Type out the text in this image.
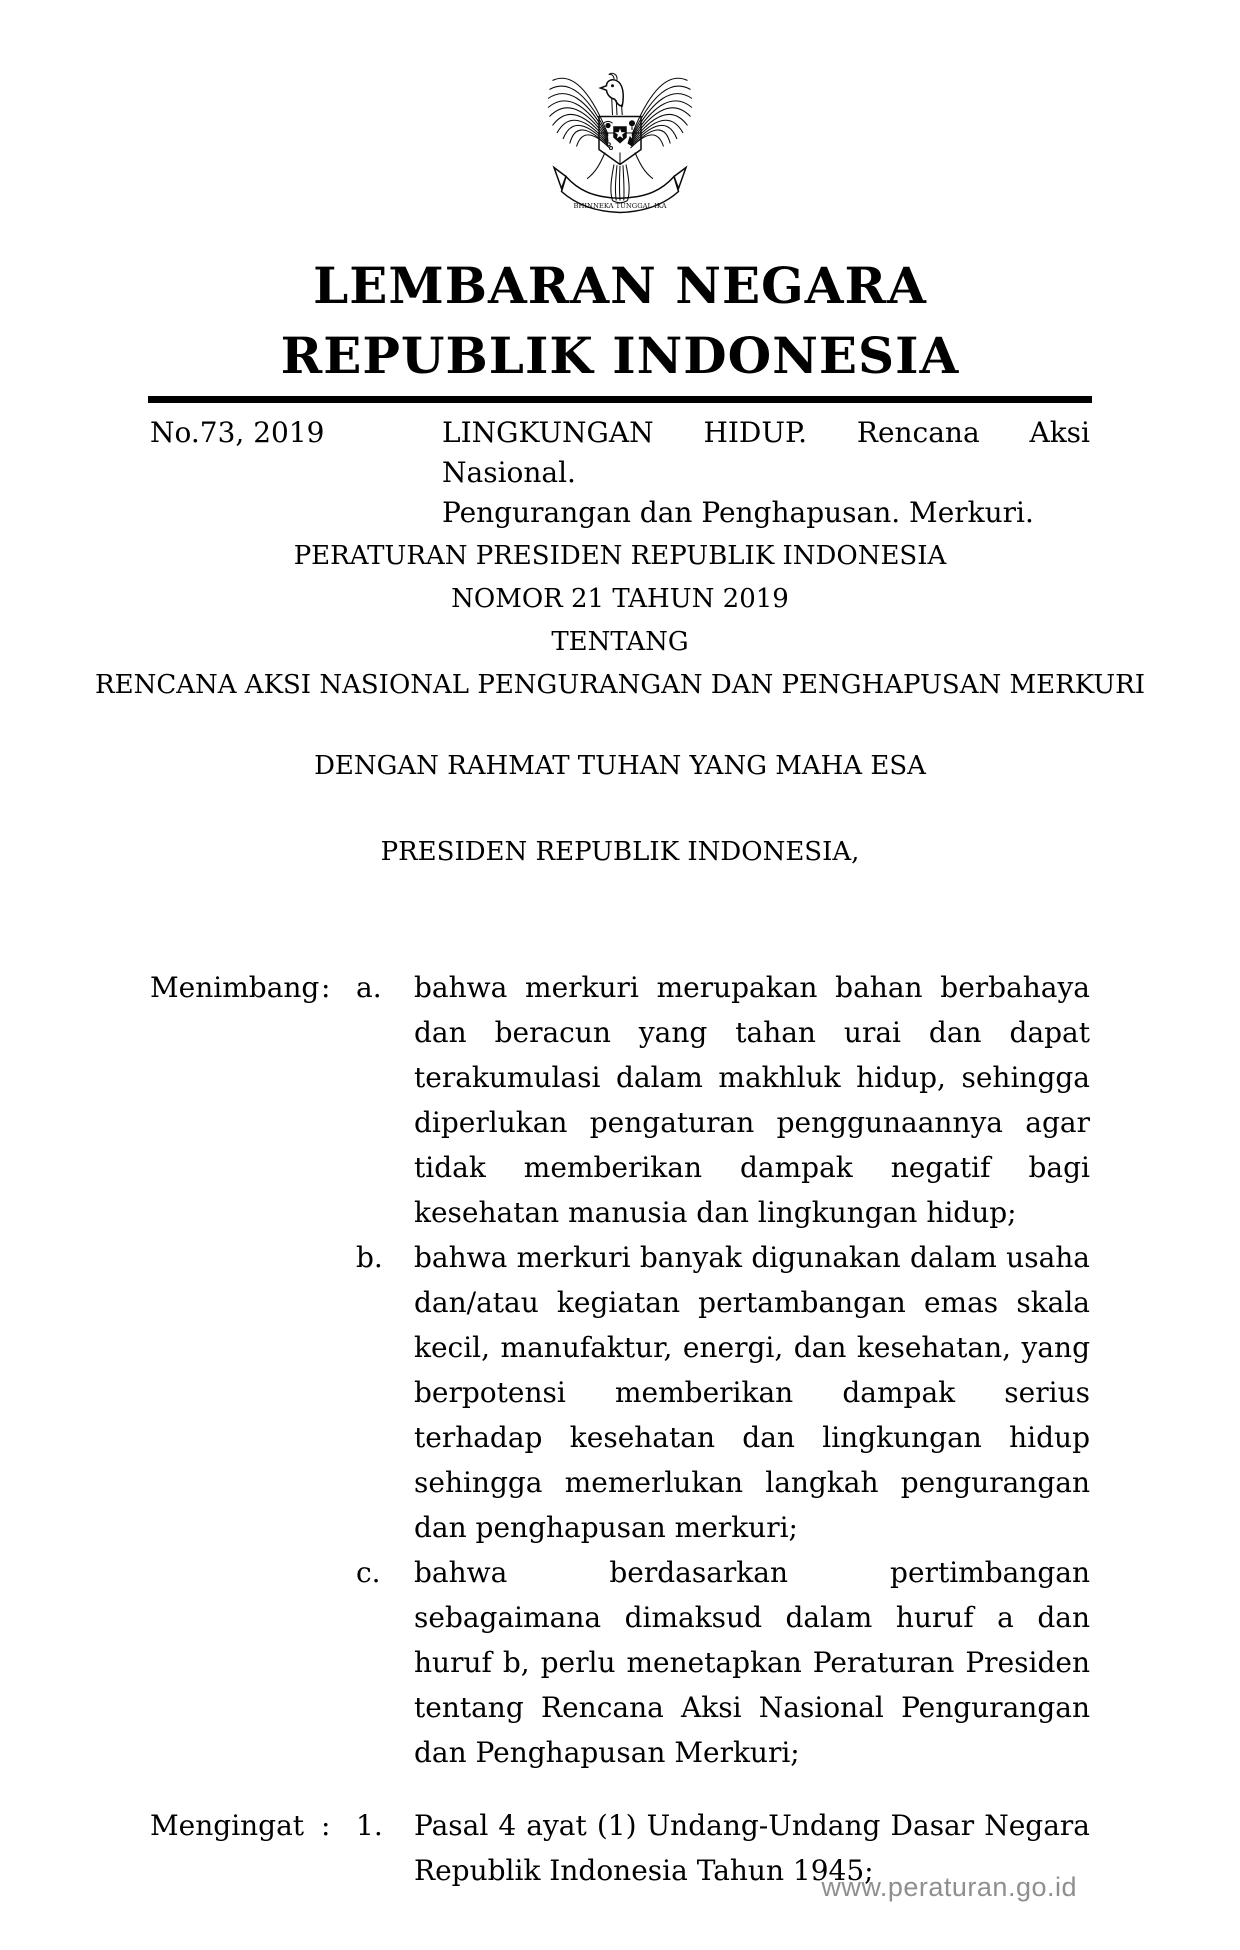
BHINNEKA TUNGGAL IKA
LEMBARAN NEGARA
REPUBLIK INDONESIA
No.73, 2019	LINGKUNGAN HIDUP. Rencana Aksi Nasional.
Pengurangan dan Penghapusan. Merkuri.
PERATURAN PRESIDEN REPUBLIK INDONESIA
NOMOR 21 TAHUN 2019
TENTANG
RENCANA AKSI NASIONAL PENGURANGAN DAN PENGHAPUSAN MERKURI
DENGAN RAHMAT TUHAN YANG MAHA ESA
PRESIDEN REPUBLIK INDONESIA,
Menimbang : a.	bahwa merkuri merupakan bahan berbahaya dan beracun yang tahan urai dan dapat terakumulasi dalam makhluk hidup, sehingga diperlukan pengaturan penggunaannya agar tidak memberikan dampak negatif bagi kesehatan manusia dan lingkungan hidup;
b.	bahwa merkuri banyak digunakan dalam usaha dan/atau kegiatan pertambangan emas skala kecil, manufaktur, energi, dan kesehatan, yang berpotensi memberikan dampak serius terhadap kesehatan dan lingkungan hidup sehingga memerlukan langkah pengurangan dan penghapusan merkuri;
c.	bahwa berdasarkan pertimbangan sebagaimana dimaksud dalam huruf a dan huruf b, perlu menetapkan Peraturan Presiden tentang Rencana Aksi Nasional Pengurangan dan Penghapusan Merkuri;
Mengingat : 1.	Pasal 4 ayat (1) Undang-Undang Dasar Negara Republik Indonesia Tahun 1945;
www.peraturan.go.id
